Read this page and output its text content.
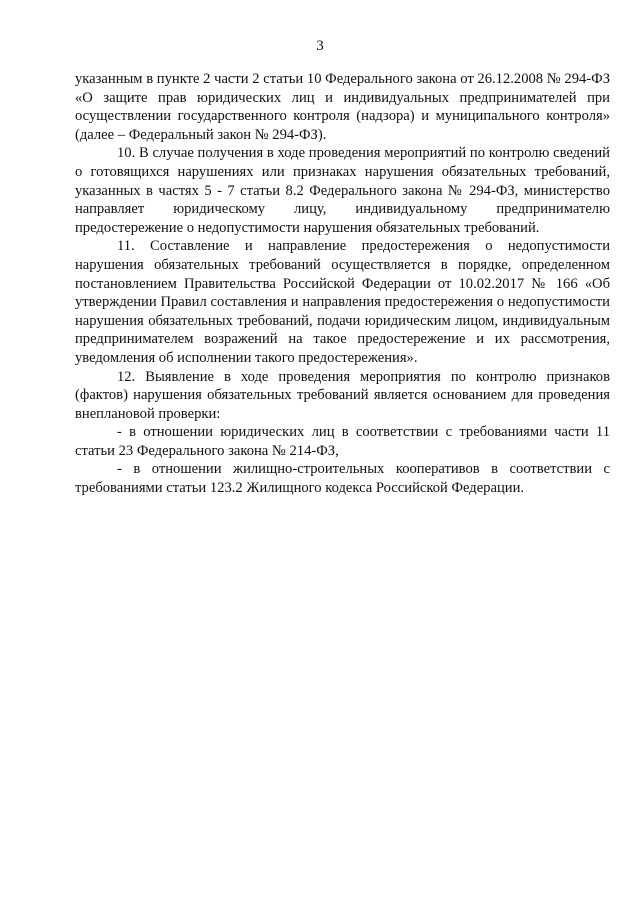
3

указанным в пункте 2 части 2 статьи 10 Федерального закона от 26.12.2008 № 294-ФЗ «О защите прав юридических лиц и индивидуальных предпринимателей при осуществлении государственного контроля (надзора) и муниципального контроля» (далее – Федеральный закон № 294-ФЗ).

10. В случае получения в ходе проведения мероприятий по контролю сведений о готовящихся нарушениях или признаках нарушения обязательных требований, указанных в частях 5 - 7 статьи 8.2 Федерального закона № 294-ФЗ, министерство направляет юридическому лицу, индивидуальному предпринимателю предостережение о недопустимости нарушения обязательных требований.

11. Составление и направление предостережения о недопустимости нарушения обязательных требований осуществляется в порядке, определенном постановлением Правительства Российской Федерации от 10.02.2017 № 166 «Об утверждении Правил составления и направления предостережения о недопустимости нарушения обязательных требований, подачи юридическим лицом, индивидуальным предпринимателем возражений на такое предостережение и их рассмотрения, уведомления об исполнении такого предостережения».

12. Выявление в ходе проведения мероприятия по контролю признаков (фактов) нарушения обязательных требований является основанием для проведения внеплановой проверки:

- в отношении юридических лиц в соответствии с требованиями части 11 статьи 23 Федерального закона № 214-ФЗ,

- в отношении жилищно-строительных кооперативов в соответствии с требованиями статьи 123.2 Жилищного кодекса Российской Федерации.
